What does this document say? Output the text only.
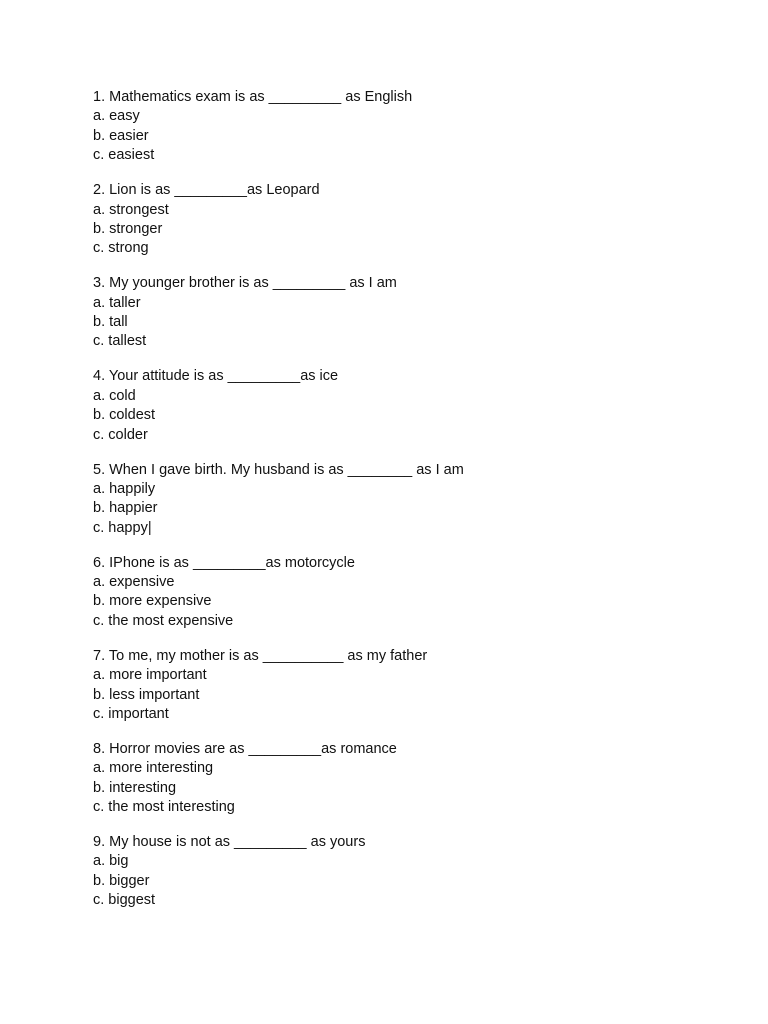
1. Mathematics exam is as _________ as English
a. easy
b. easier
c. easiest
2. Lion is as _________as Leopard
a. strongest
b. stronger
c. strong
3. My younger brother is as _________ as I am
a. taller
b. tall
c. tallest
4. Your attitude is as _________as ice
a. cold
b. coldest
c. colder
5. When I gave birth. My husband is as ________ as I am
a. happily
b. happier
c. happy|
6. IPhone is as _________as motorcycle
a. expensive
b. more expensive
c. the most expensive
7. To me, my mother is as __________ as my father
a. more important
b. less important
c. important
8. Horror movies are as _________as romance
a. more interesting
b. interesting
c. the most interesting
9. My house is not as _________ as yours
a. big
b. bigger
c. biggest
